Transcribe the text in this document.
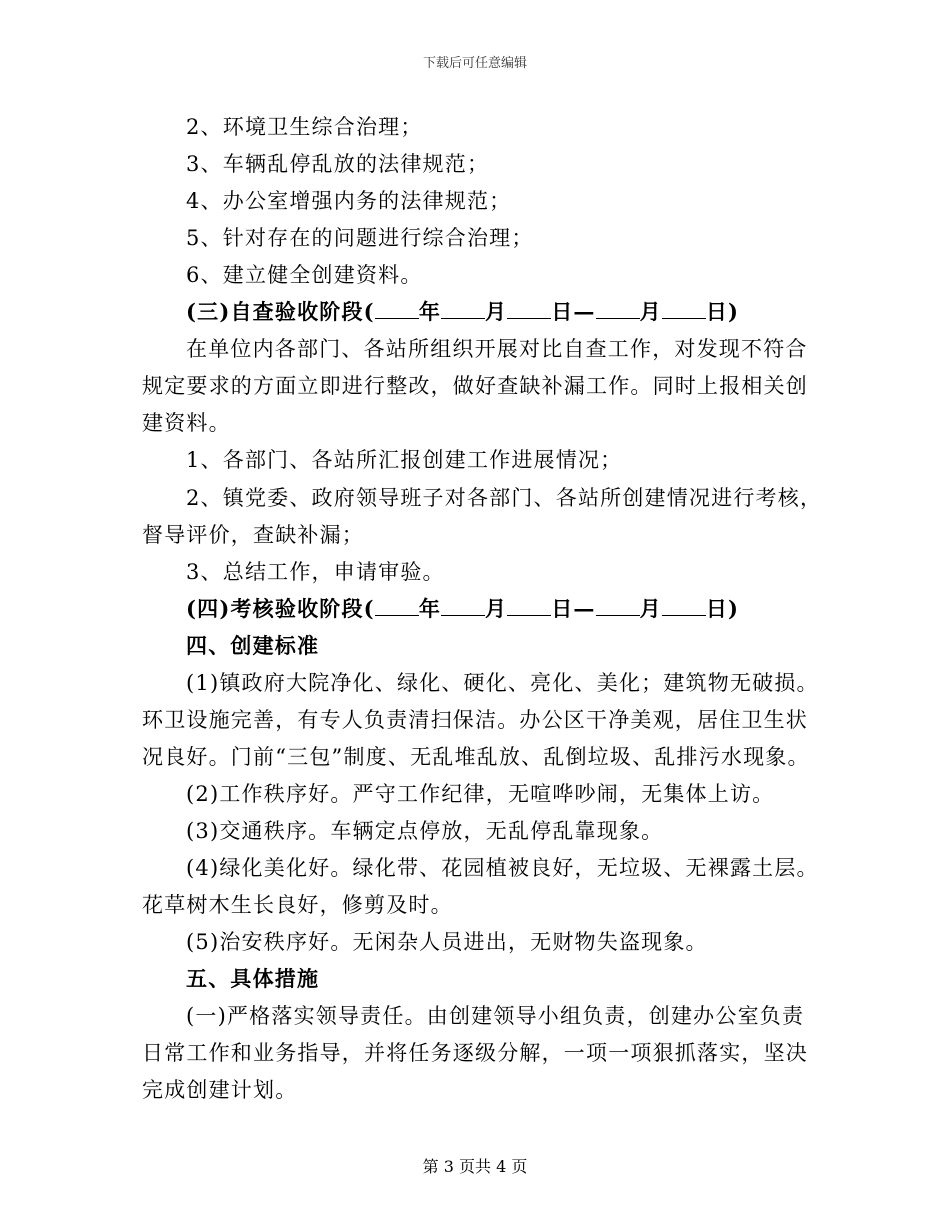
下载后可任意编辑
2、环境卫生综合治理；
3、车辆乱停乱放的法律规范；
4、办公室增强内务的法律规范；
5、针对存在的问题进行综合治理；
6、建立健全创建资料。
(三)自查验收阶段( 年 月 日— 月 日)
在单位内各部门、各站所组织开展对比自查工作，对发现不符合
规定要求的方面立即进行整改，做好查缺补漏工作。同时上报相关创
建资料。
1、各部门、各站所汇报创建工作进展情况；
2、镇党委、政府领导班子对各部门、各站所创建情况进行考核，
督导评价，查缺补漏；
3、总结工作，申请审验。
(四)考核验收阶段( 年 月 日— 月 日)
四、创建标准
(1)镇政府大院净化、绿化、硬化、亮化、美化；建筑物无破损。
环卫设施完善，有专人负责清扫保洁。办公区干净美观，居住卫生状
况良好。门前“三包”制度、无乱堆乱放、乱倒垃圾、乱排污水现象。
(2)工作秩序好。严守工作纪律，无喧哗吵闹，无集体上访。
(3)交通秩序。车辆定点停放，无乱停乱靠现象。
(4)绿化美化好。绿化带、花园植被良好，无垃圾、无裸露土层。
花草树木生长良好，修剪及时。
(5)治安秩序好。无闲杂人员进出，无财物失盗现象。
五、具体措施
(一)严格落实领导责任。由创建领导小组负责，创建办公室负责
日常工作和业务指导，并将任务逐级分解，一项一项狠抓落实，坚决
完成创建计划。
第 3 页共 4 页
